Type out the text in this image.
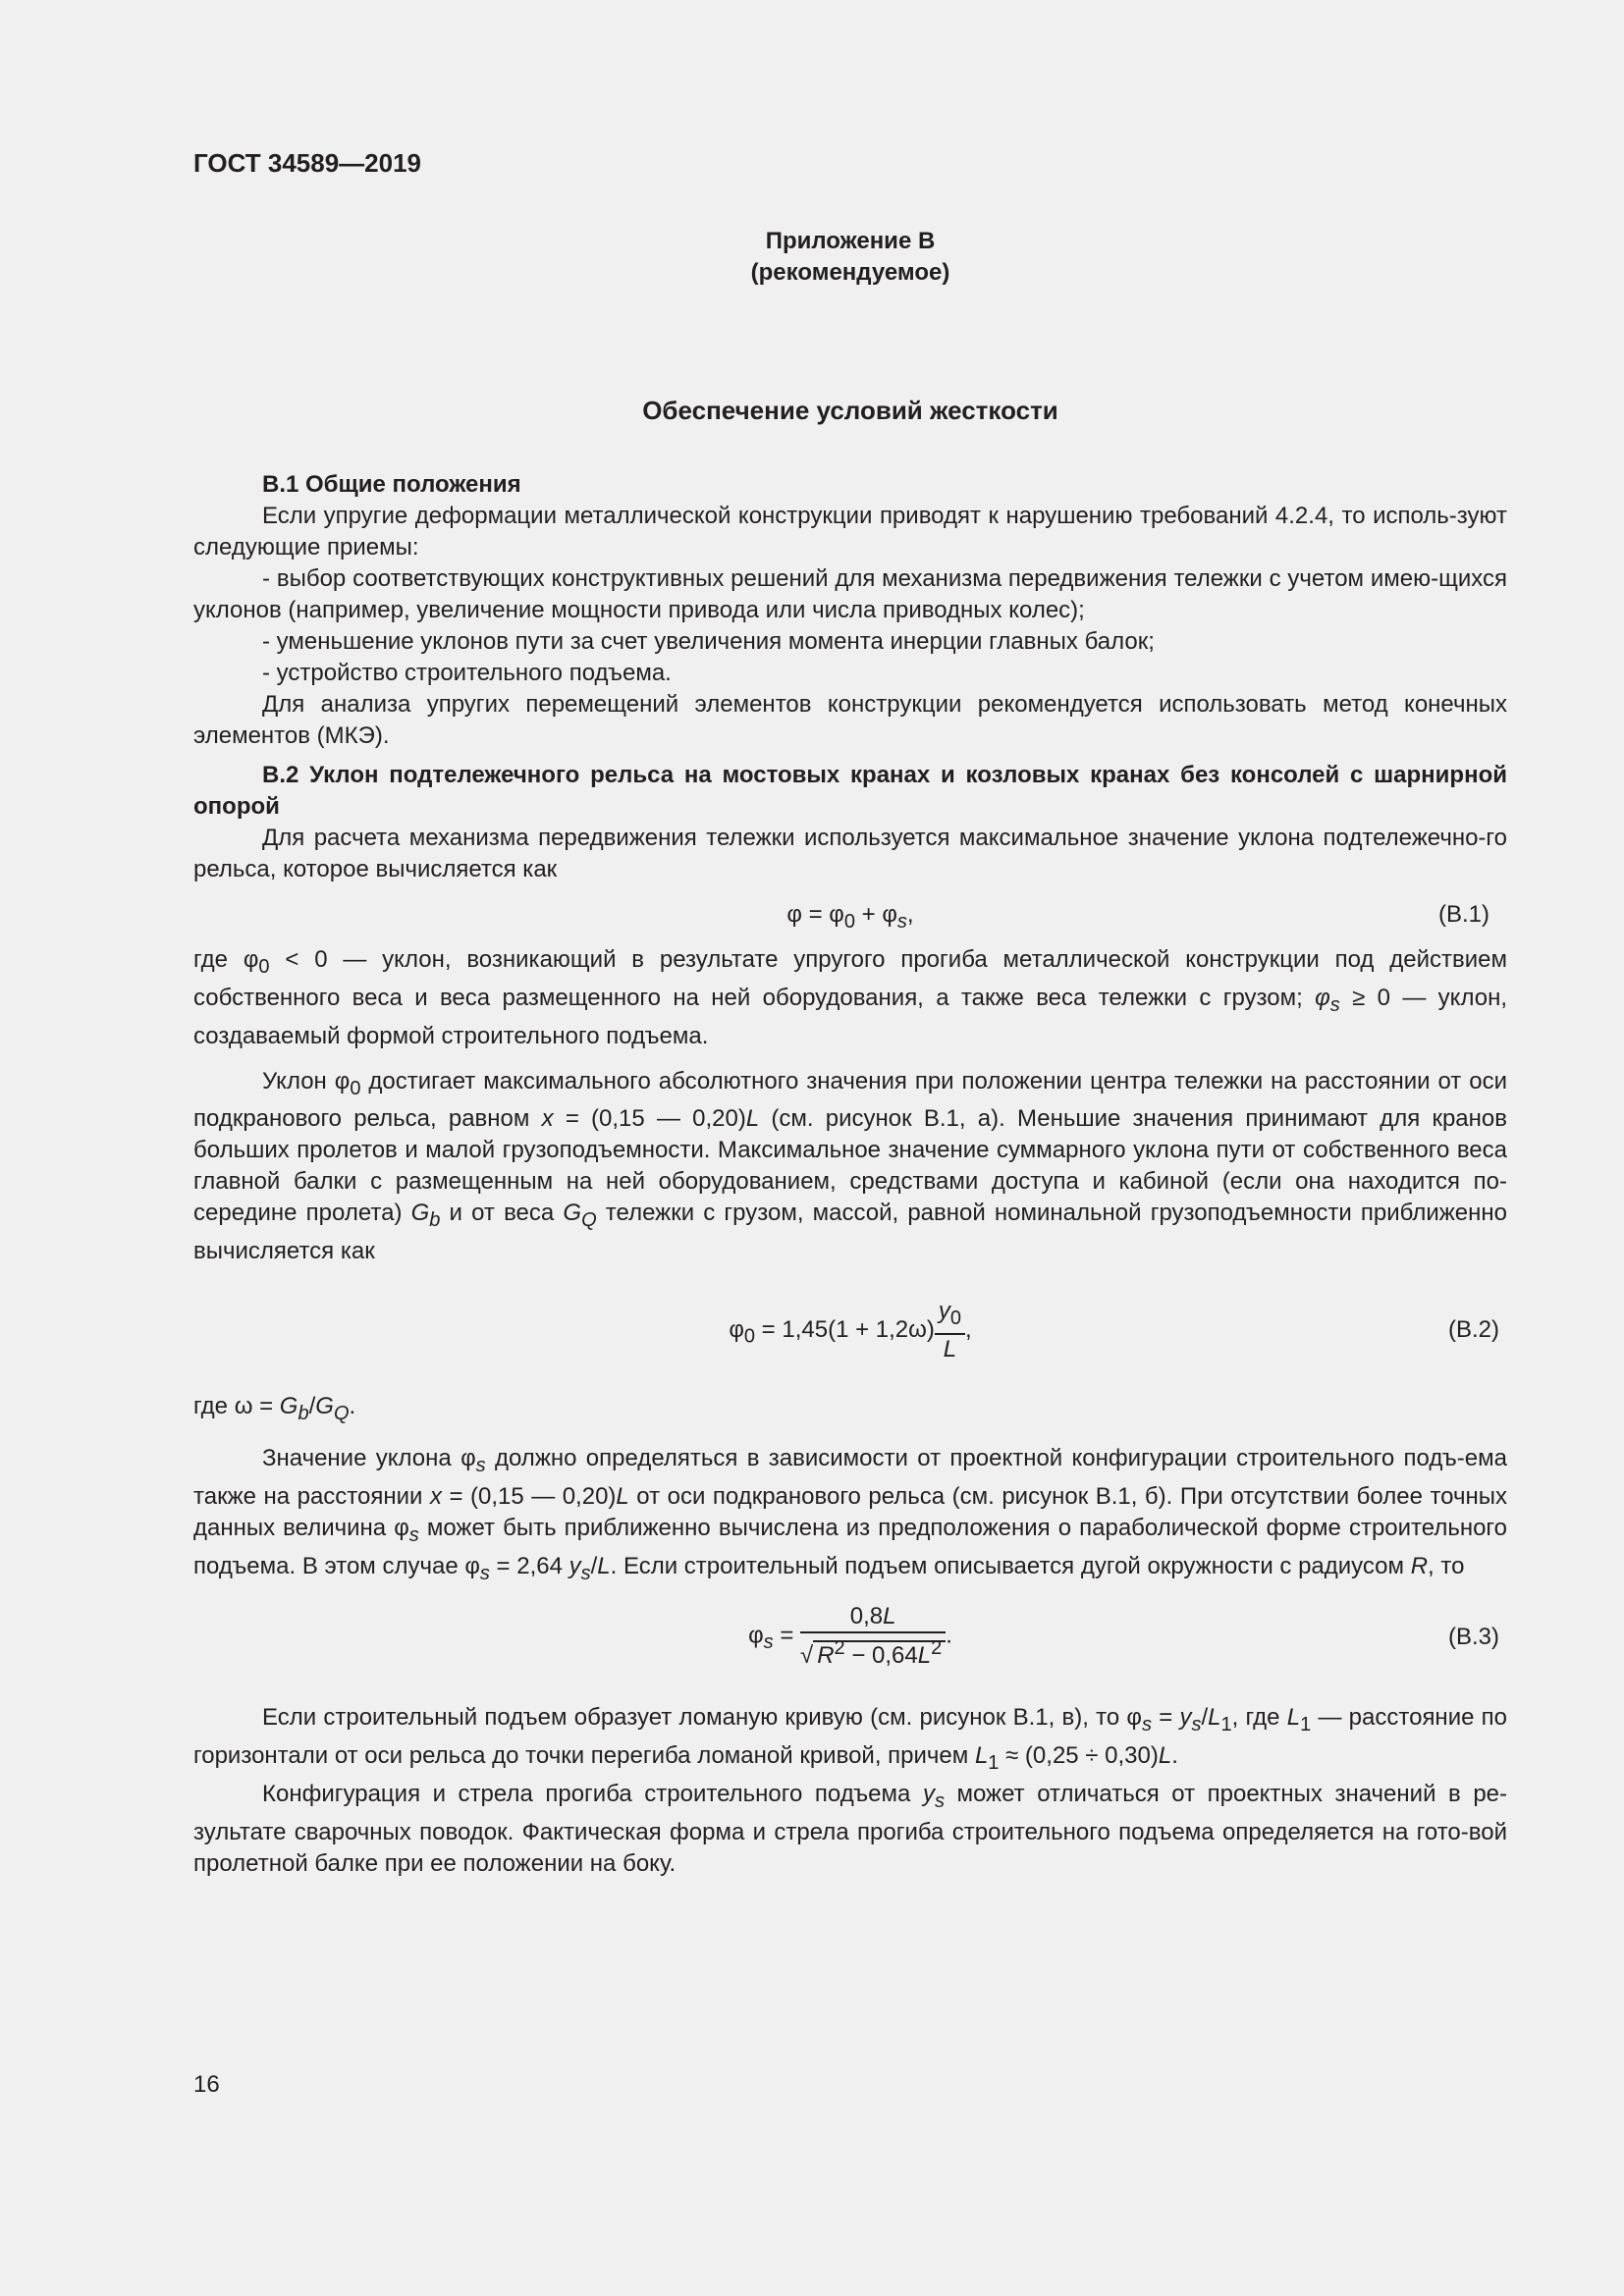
ГОСТ 34589—2019
Приложение В
(рекомендуемое)
Обеспечение условий жесткости

В.1 Общие положения

Если упругие деформации металлической конструкции приводят к нарушению требований 4.2.4, то исполь-зуют следующие приемы:

- выбор соответствующих конструктивных решений для механизма передвижения тележки с учетом имею-щихся уклонов (например, увеличение мощности привода или числа приводных колес);

- уменьшение уклонов пути за счет увеличения момента инерции главных балок;

- устройство строительного подъема.

Для анализа упругих перемещений элементов конструкции рекомендуется использовать метод конечных элементов (МКЭ).

В.2 Уклон подтележечного рельса на мостовых кранах и козловых кранах без консолей с шарнирной опорой

Для расчета механизма передвижения тележки используется максимальное значение уклона подтележечно-го рельса, которое вычисляется как

$\varphi = \varphi_0 + \varphi_s$,	(В.1)

где $\varphi_0 < 0$ — уклон, возникающий в результате упругого прогиба металлической конструкции под действием собственного веса и веса размещенного на ней оборудования, а также веса тележки с грузом; $\varphi_s \ge 0$ — уклон, создаваемый формой строительного подъема.

Уклон $\varphi_0$ достигает максимального абсолютного значения при положении центра тележки на расстоянии от оси подкранового рельса, равном x = (0,15 — 0,20)L (см. рисунок В.1, а). Меньшие значения принимают для кранов больших пролетов и малой грузоподъемности. Максимальное значение суммарного уклона пути от собственного веса главной балки с размещенным на ней оборудованием, средствами доступа и кабиной (если она находится по-середине пролета) $G_b$ и от веса $G_Q$ тележки с грузом, массой, равной номинальной грузоподъемности приближенно вычисляется как

$\varphi_0 = 1,45(1 + 1,2\omega) \frac{y_0}{L}$ ,	(В.2)

где $\omega = G_b/G_Q$.

Значение уклона $\varphi_s$ должно определяться в зависимости от проектной конфигурации строительного подъ-ема также на расстоянии x = (0,15 — 0,20)L от оси подкранового рельса (см. рисунок В.1, б). При отсутствии более точных данных величина $\varphi_s$ может быть приближенно вычислена из предположения о параболической форме строительного подъема. В этом случае $\varphi_s = 2,64$ $y_s/L$. Если строительный подъем описывается дугой окружности с радиусом R, то

$\varphi_s = \frac{0,8L}{√ R^2 - 0,64L^2}$ .	(В.3)

Если строительный подъем образует ломаную кривую (см. рисунок В.1, в), то $\varphi_s = y_s/L_1$, где $L_1$ — расстояние по горизонтали от оси рельса до точки перегиба ломаной кривой, причем $L_1 \approx (0,25 \div 0,30)L$.

Конфигурация и стрела прогиба строительного подъема $y_s$ может отличаться от проектных значений в ре-зультате сварочных поводок. Фактическая форма и стрела прогиба строительного подъема определяется на гото-вой пролетной балке при ее положении на боку.

16
